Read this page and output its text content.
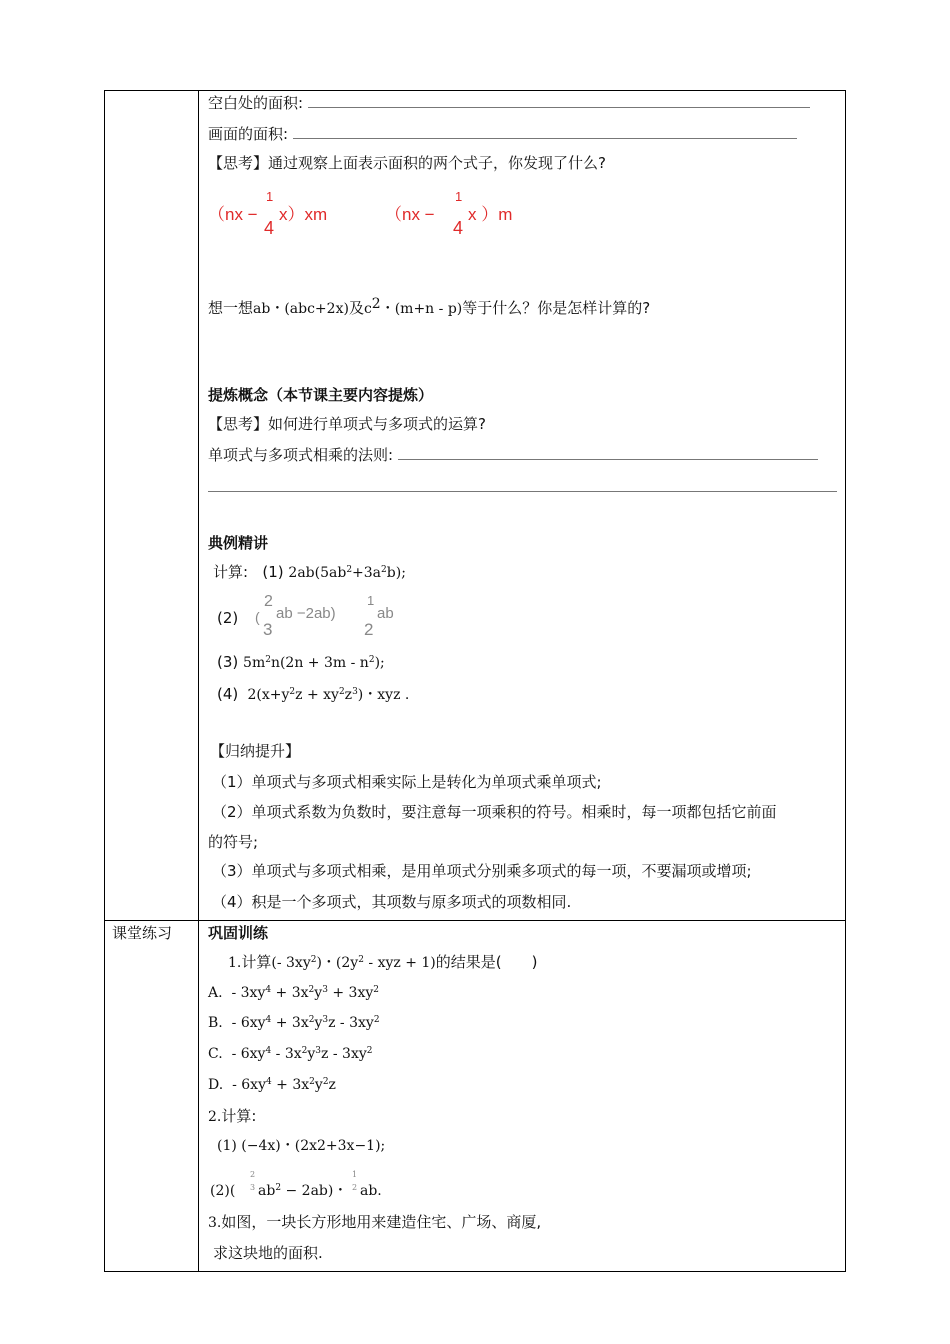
空白处的面积:
画面的面积:
【思考】通过观察上面表示面积的两个式子，你发现了什么?
（nx −
1
4
x）xm	（nx −
1
4
x ）m
想一想ab・(abc+2x)及$c^2$・(m+n - p)等于什么？你是怎样计算的?
提炼概念（本节课主要内容提炼）
【思考】如何进行单项式与多项式的运算?
单项式与多项式相乘的法则:
典例精讲
计算: (1) $2ab(5ab^2+3a^2b)$;
(2) (
2
3
ab −2ab)
1
2
ab
(3) $5m^2n(2n + 3m - n^2)$;
(4)  $2(x+y^2z + xy^2z^3)$・xyz .
【归纳提升】
（1）单项式与多项式相乘实际上是转化为单项式乘单项式;
（2）单项式系数为负数时，要注意每一项乘积的符号。相乘时，每一项都包括它前面
的符号;
（3）单项式与多项式相乘，是用单项式分别乘多项式的每一项，不要漏项或增项;
（4）积是一个多项式，其项数与原多项式的项数相同.
课堂练习 巩固训练
1.计算(- $3xy^2$)・($2y^2$ - xyz + 1)的结果是(　　)
A.  - $3xy^4 + 3x^2y^3 + 3xy^2$
B.  - $6xy^4 + 3x^2y^3z - 3xy^2$
C.  - $6xy^4 - 3x^2y^3z - 3xy^2$
D.  - $6xy^4 + 3x^2y^2z$
2.计算:
(1) (−4x)・(2x2+3x−1);
(2)(
2
3 $ab^2 - 2ab$)・
1
2 ab.
3.如图，一块长方形地用来建造住宅、广场、商厦,
求这块地的面积.
